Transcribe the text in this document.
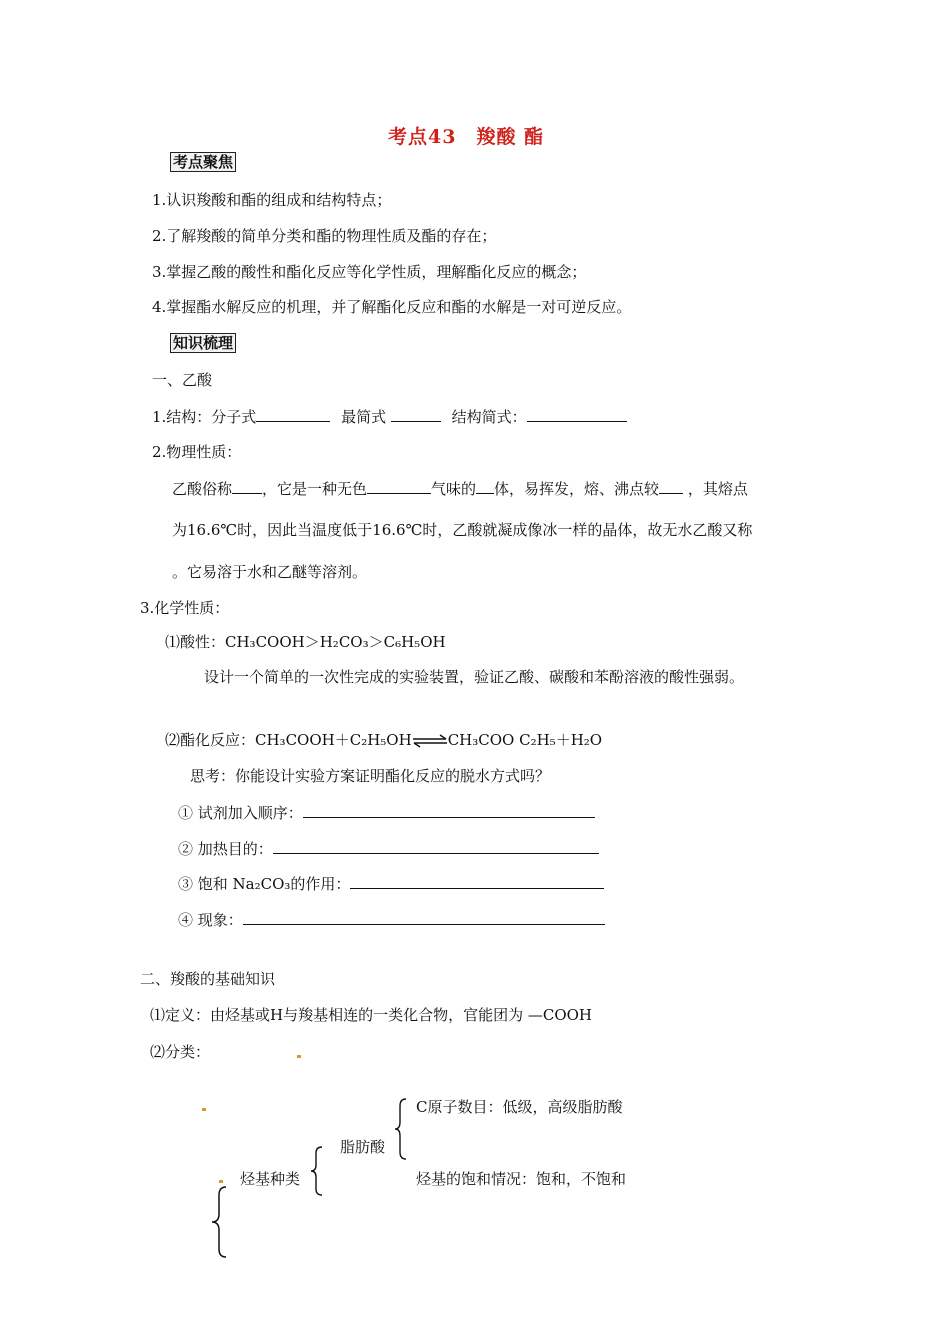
考点43　羧酸 酯
考点聚焦
1.认识羧酸和酯的组成和结构特点；
2.了解羧酸的简单分类和酯的物理性质及酯的存在；
3.掌握乙酸的酸性和酯化反应等化学性质，理解酯化反应的概念；
4.掌握酯水解反应的机理，并了解酯化反应和酯的水解是一对可逆反应。
知识梳理
一、乙酸
1.结构：分子式	最简式	结构简式：
2.物理性质：
乙酸俗称 ，它是一种无色	气味的 体，易挥发，熔、沸点较 ，其熔点
为16.6℃时，因此当温度低于16.6℃时，乙酸就凝成像冰一样的晶体，故无水乙酸又称
。它易溶于水和乙醚等溶剂。
3.化学性质：
⑴酸性：CH₃COOH＞H₂CO₃＞C₆H₅OH
设计一个简单的一次性完成的实验装置，验证乙酸、碳酸和苯酚溶液的酸性强弱。
⑵酯化反应：CH₃COOH＋C₂H₅OH⇌CH₃COO C₂H₅＋H₂O
思考：你能设计实验方案证明酯化反应的脱水方式吗？
① 试剂加入顺序：
② 加热目的：
③ 饱和 Na₂CO₃的作用：
④ 现象：
二、羧酸的基础知识
⑴定义：由烃基或H与羧基相连的一类化合物，官能团为 —COOH
⑵分类：
C原子数目：低级，高级脂肪酸
脂肪酸
烃基的饱和情况：饱和，不饱和
烃基种类
